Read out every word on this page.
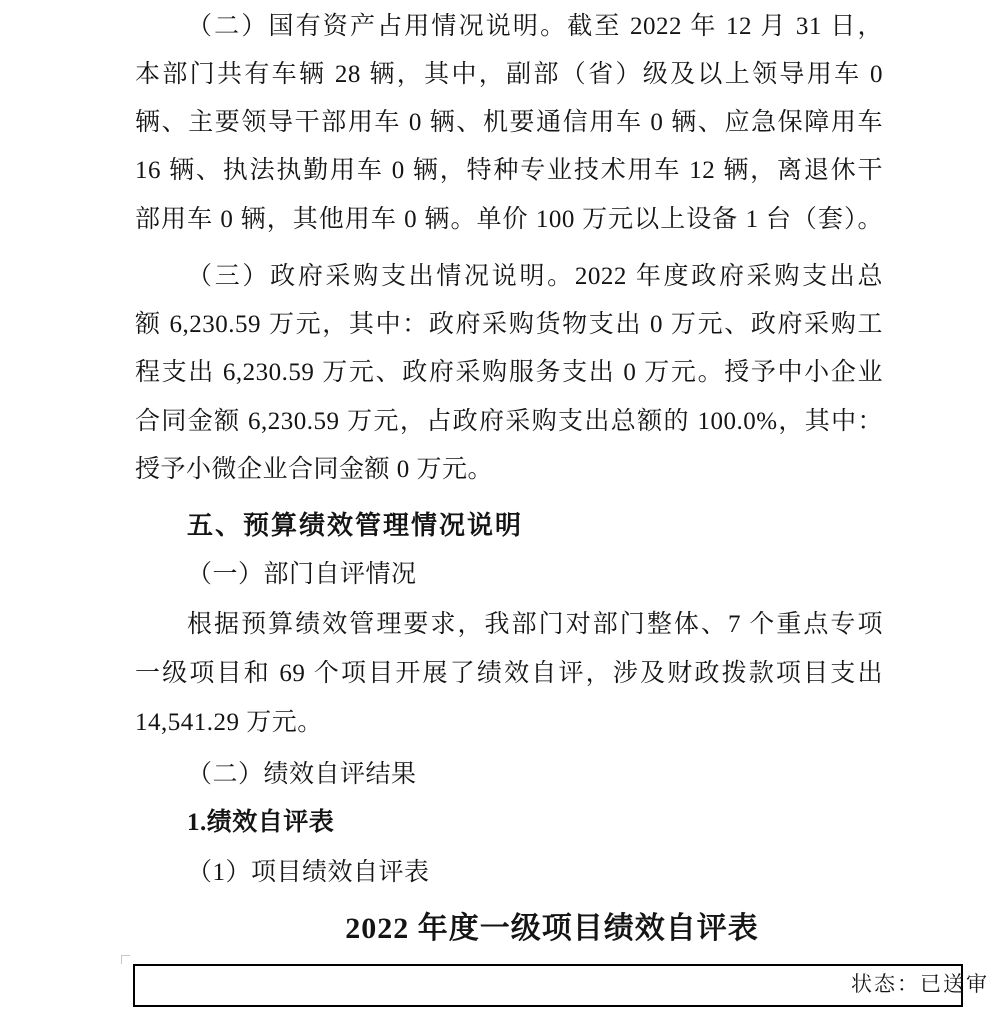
（二）国有资产占用情况说明。截至 2022 年 12 月 31 日，
本部门共有车辆 28 辆，其中，副部（省）级及以上领导用车 0
辆、主要领导干部用车 0 辆、机要通信用车 0 辆、应急保障用车
16 辆、执法执勤用车 0 辆，特种专业技术用车 12 辆，离退休干
部用车 0 辆，其他用车 0 辆。单价 100 万元以上设备 1 台（套）。
（三）政府采购支出情况说明。2022 年度政府采购支出总
额 6,230.59 万元，其中：政府采购货物支出 0 万元、政府采购工
程支出 6,230.59 万元、政府采购服务支出 0 万元。授予中小企业
合同金额 6,230.59 万元，占政府采购支出总额的 100.0%，其中：
授予小微企业合同金额 0 万元。
五、预算绩效管理情况说明
（一）部门自评情况
根据预算绩效管理要求，我部门对部门整体、7 个重点专项
一级项目和 69 个项目开展了绩效自评，涉及财政拨款项目支出
14,541.29 万元。
（二）绩效自评结果
1.绩效自评表
（1）项目绩效自评表
2022 年度一级项目绩效自评表
状态：已送审
